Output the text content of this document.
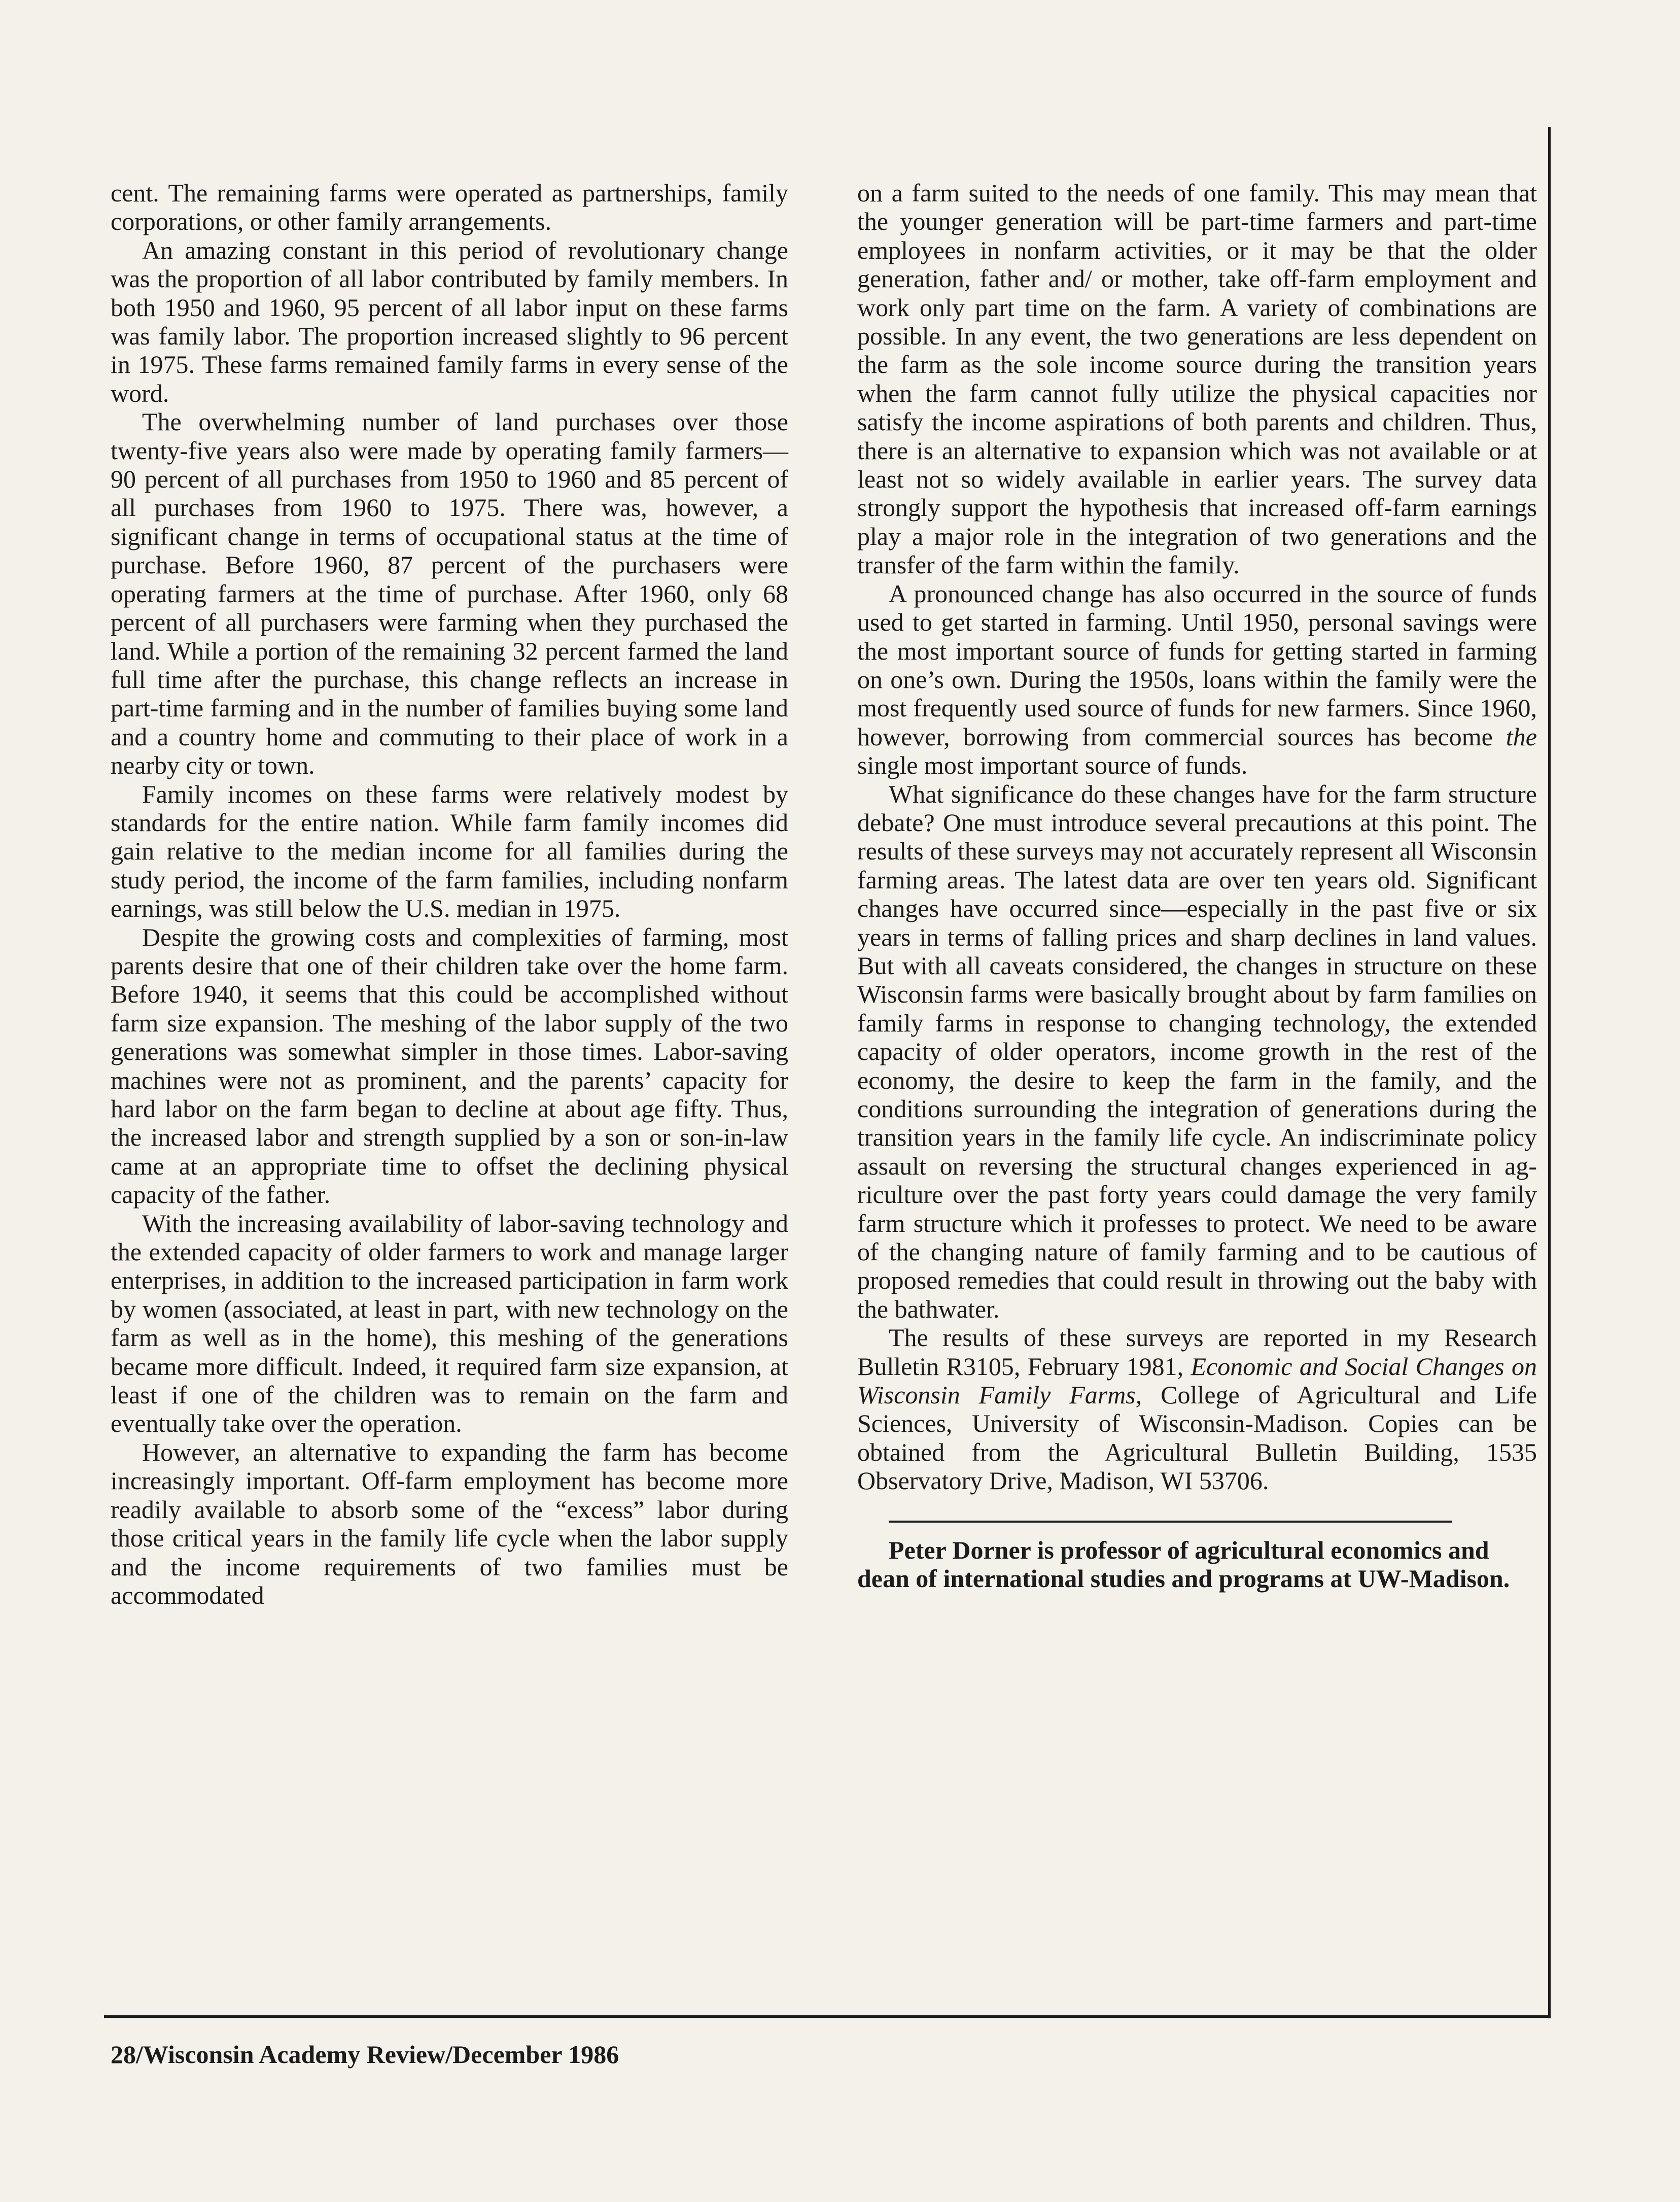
cent. The remaining farms were operated as partnerships, family corporations, or other family arrangements.

An amazing constant in this period of revolutionary change was the proportion of all labor contributed by family members. In both 1950 and 1960, 95 percent of all labor input on these farms was family labor. The proportion increased slightly to 96 percent in 1975. These farms remained family farms in every sense of the word.

The overwhelming number of land purchases over those twenty-five years also were made by operating family farmers—90 percent of all purchases from 1950 to 1960 and 85 percent of all purchases from 1960 to 1975. There was, however, a significant change in terms of occupational status at the time of purchase. Before 1960, 87 percent of the purchasers were operating farmers at the time of purchase. After 1960, only 68 percent of all purchasers were farming when they purchased the land. While a portion of the remaining 32 percent farmed the land full time after the purchase, this change reflects an increase in part-time farming and in the number of families buying some land and a country home and commuting to their place of work in a nearby city or town.

Family incomes on these farms were relatively modest by standards for the entire nation. While farm family incomes did gain relative to the median income for all families during the study period, the income of the farm families, including nonfarm earnings, was still below the U.S. median in 1975.

Despite the growing costs and complexities of farming, most parents desire that one of their children take over the home farm. Before 1940, it seems that this could be accomplished without farm size expansion. The meshing of the labor supply of the two generations was somewhat simpler in those times. Labor-saving machines were not as prominent, and the parents’ capacity for hard labor on the farm began to decline at about age fifty. Thus, the increased labor and strength supplied by a son or son-in-law came at an appropriate time to offset the declining physical capacity of the father.

With the increasing availability of labor-saving technology and the extended capacity of older farmers to work and manage larger enterprises, in addition to the increased participation in farm work by women (associated, at least in part, with new technology on the farm as well as in the home), this meshing of the generations became more difficult. Indeed, it required farm size expansion, at least if one of the children was to remain on the farm and eventually take over the operation.

However, an alternative to expanding the farm has become increasingly important. Off-farm employment has become more readily available to absorb some of the “excess” labor during those critical years in the family life cycle when the labor supply and the income requirements of two families must be accommodated

on a farm suited to the needs of one family. This may mean that the younger generation will be part-time farmers and part-time employees in nonfarm activities, or it may be that the older generation, father and/ or mother, take off-farm employment and work only part time on the farm. A variety of combinations are possible. In any event, the two generations are less dependent on the farm as the sole income source during the transition years when the farm cannot fully utilize the physical capacities nor satisfy the income aspirations of both parents and children. Thus, there is an alternative to expansion which was not available or at least not so widely available in earlier years. The survey data strongly support the hypothesis that increased off-farm earnings play a major role in the integration of two generations and the transfer of the farm within the family.

A pronounced change has also occurred in the source of funds used to get started in farming. Until 1950, personal savings were the most important source of funds for getting started in farming on one’s own. During the 1950s, loans within the family were the most frequently used source of funds for new farmers. Since 1960, however, borrowing from commercial sources has become the single most important source of funds.

What significance do these changes have for the farm structure debate? One must introduce several precautions at this point. The results of these surveys may not accurately represent all Wisconsin farming areas. The latest data are over ten years old. Significant changes have occurred since—especially in the past five or six years in terms of falling prices and sharp declines in land values. But with all caveats considered, the changes in structure on these Wisconsin farms were basically brought about by farm families on family farms in response to changing technology, the extended capacity of older operators, income growth in the rest of the economy, the desire to keep the farm in the family, and the conditions surrounding the integration of generations during the transition years in the family life cycle. An indiscriminate policy assault on reversing the structural changes experienced in agriculture over the past forty years could damage the very family farm structure which it professes to protect. We need to be aware of the changing nature of family farming and to be cautious of proposed remedies that could result in throwing out the baby with the bathwater.

The results of these surveys are reported in my Research Bulletin R3105, February 1981, Economic and Social Changes on Wisconsin Family Farms, College of Agricultural and Life Sciences, University of Wisconsin-Madison. Copies can be obtained from the Agricultural Bulletin Building, 1535 Observatory Drive, Madison, WI 53706.

Peter Dorner is professor of agricultural economics and dean of international studies and programs at UW-Madison.

28/Wisconsin Academy Review/December 1986
